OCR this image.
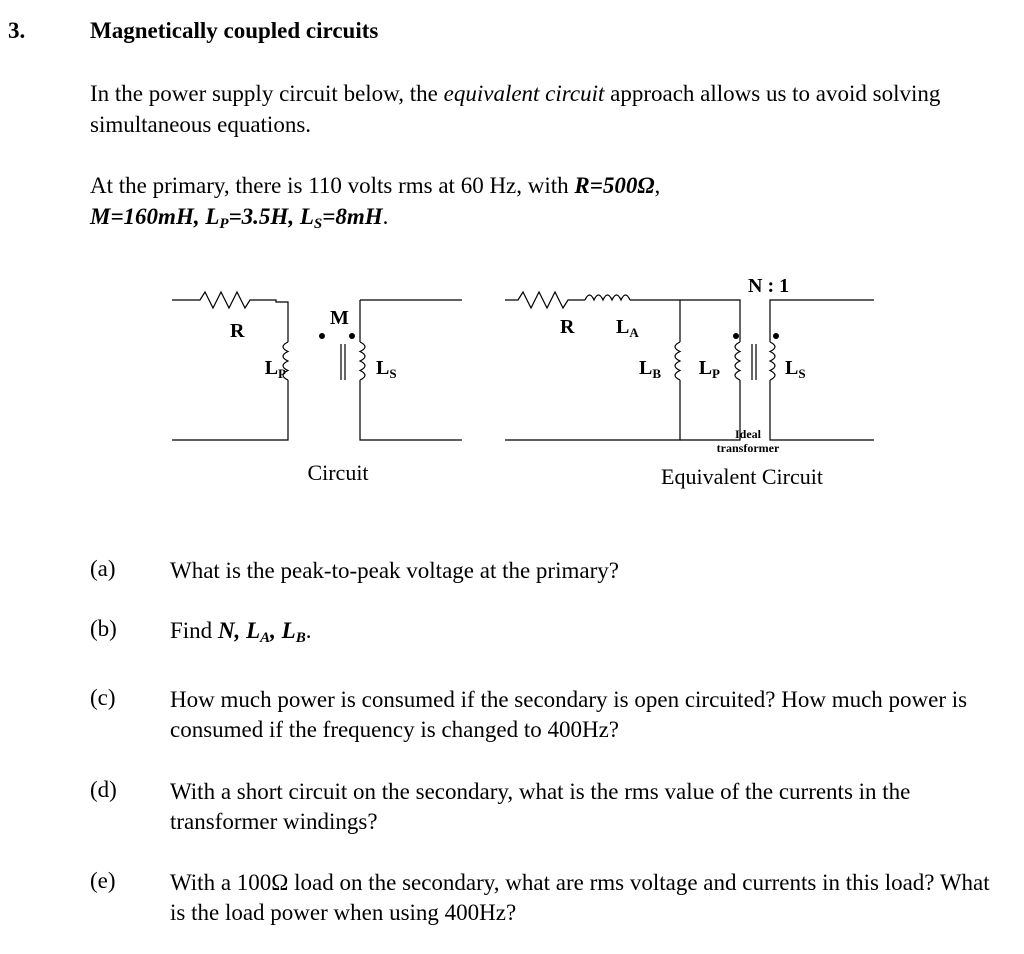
3.	Magnetically coupled circuits
In the power supply circuit below, the equivalent circuit approach allows us to avoid solving simultaneous equations.
At the primary, there is 110 volts rms at 60 Hz, with R=500Ω,
M=160mH, $L_P=3.5H$, $L_S=8mH$.
R
M
$L_P$	$L_S$
R $L_A$
$L_B$ $L_P$	$L_S$
N : 1
Ideal
transformer
Circuit	Equivalent Circuit
(a) What is the peak-to-peak voltage at the primary?
(b) Find N, $L_A$, $L_B$.
(c) How much power is consumed if the secondary is open circuited? How much power is consumed if the frequency is changed to 400Hz?
(d) With a short circuit on the secondary, what is the rms value of the currents in the transformer windings?
(e) With a 100Ω load on the secondary, what are rms voltage and currents in this load? What is the load power when using 400Hz?
